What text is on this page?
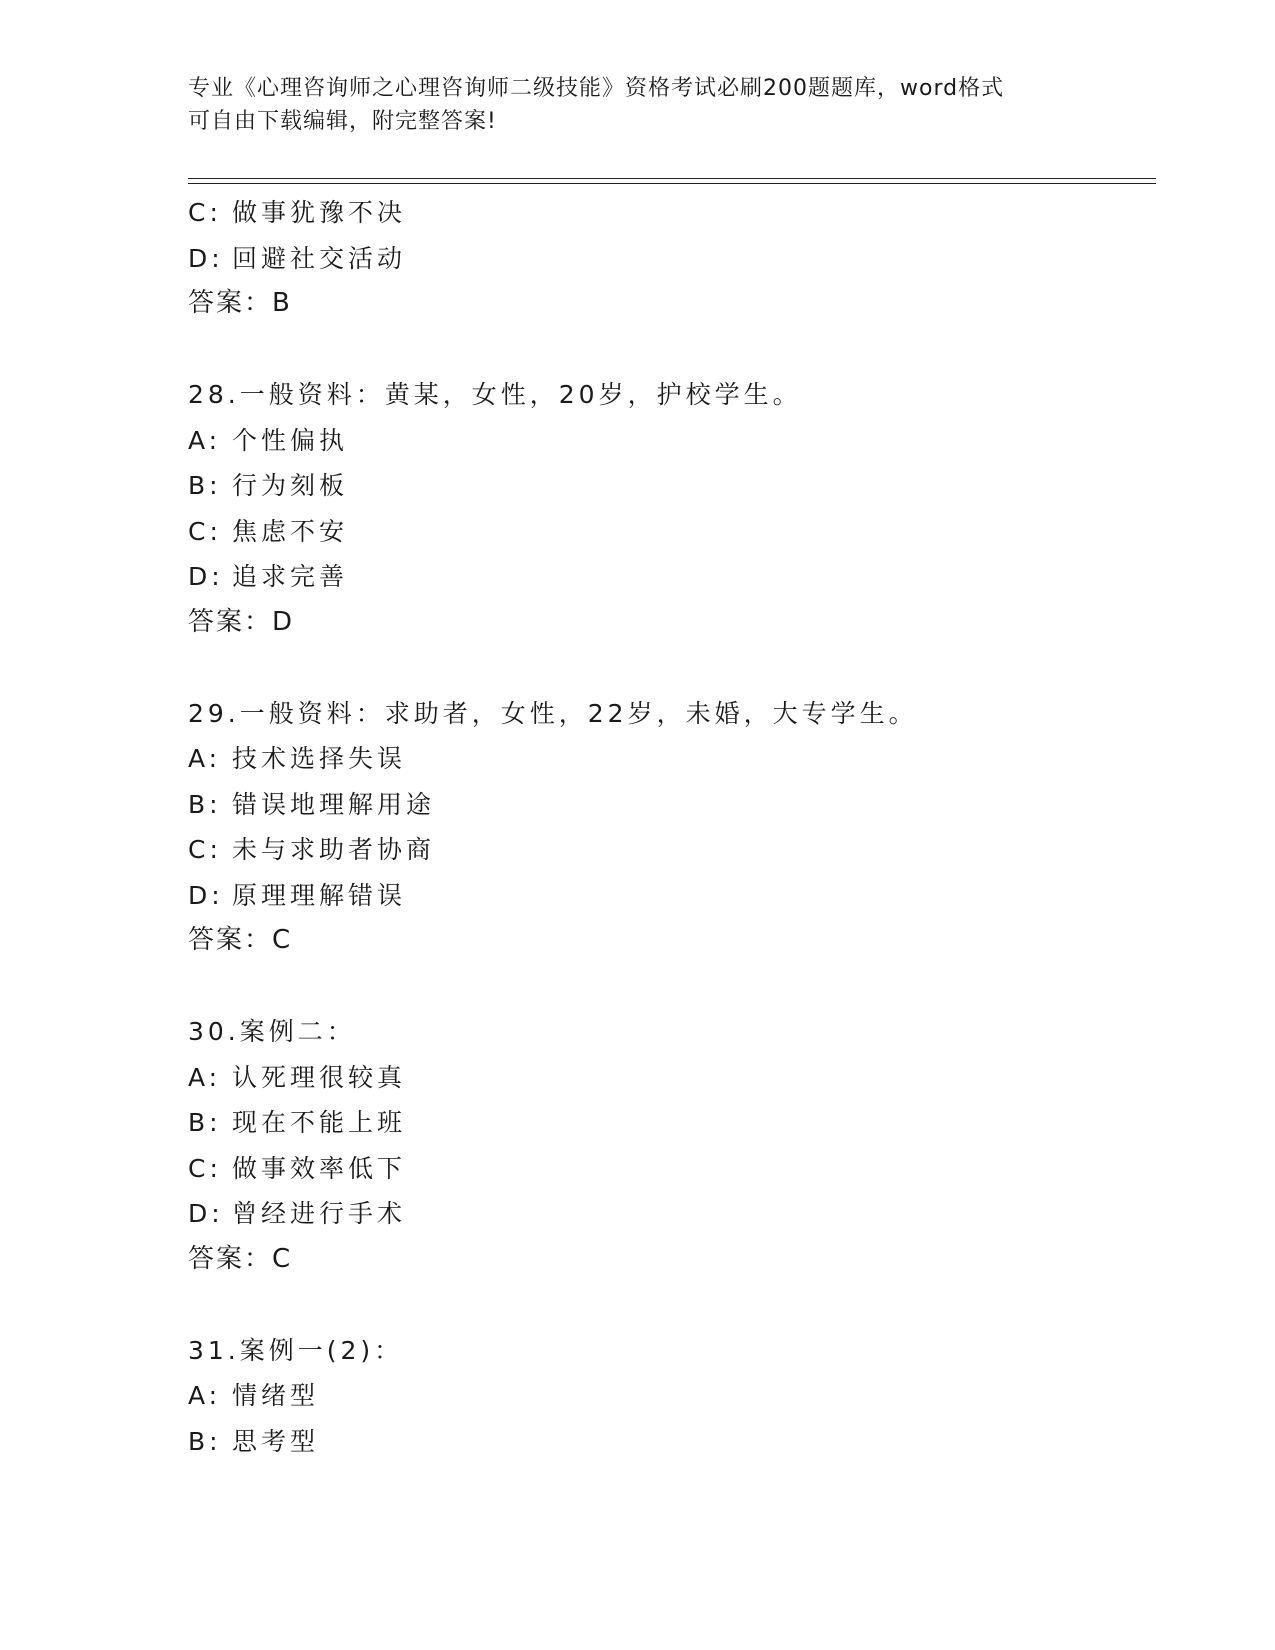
专业《心理咨询师之心理咨询师二级技能》资格考试必刷200题题库，word格式
可自由下载编辑，附完整答案!
C: 做事犹豫不决
D: 回避社交活动
答案：B
28.一般资料：黄某，女性，20岁，护校学生。
A: 个性偏执
B: 行为刻板
C: 焦虑不安
D: 追求完善
答案：D
29.一般资料：求助者，女性，22岁，未婚，大专学生。
A: 技术选择失误
B: 错误地理解用途
C: 未与求助者协商
D: 原理理解错误
答案：C
30.案例二：
A: 认死理很较真
B: 现在不能上班
C: 做事效率低下
D: 曾经进行手术
答案：C
31.案例一(2)：
A: 情绪型
B: 思考型
